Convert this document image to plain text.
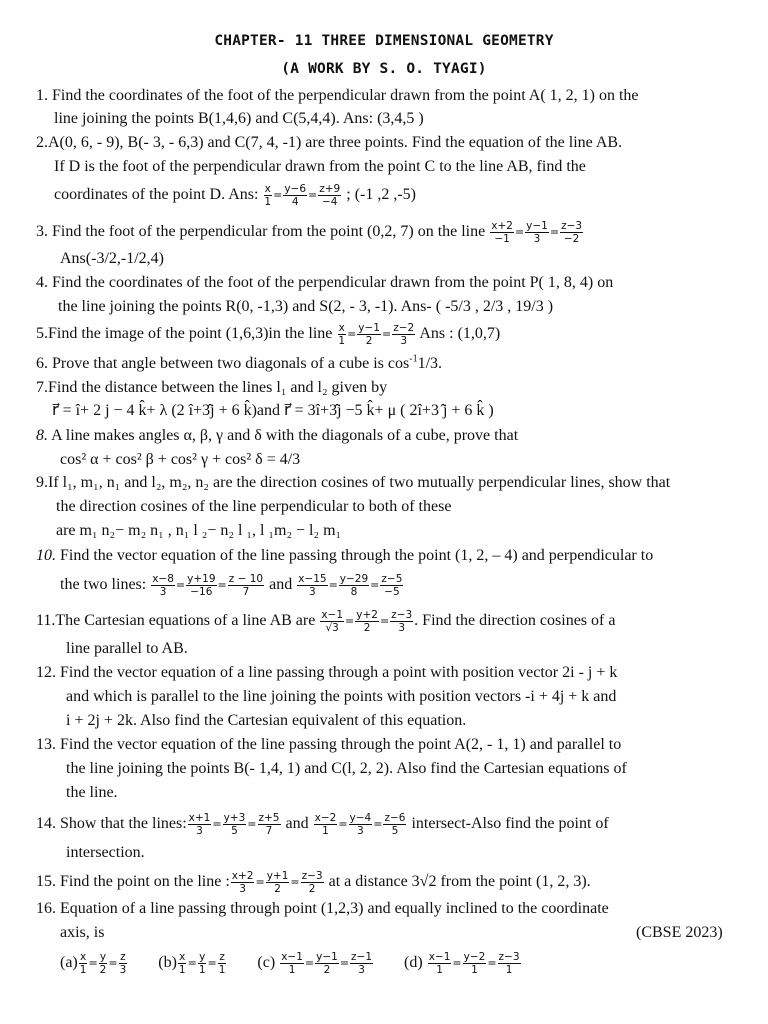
CHAPTER- 11 THREE DIMENSIONAL GEOMETRY
(A WORK BY S. O. TYAGI)
1. Find the coordinates of the foot of the perpendicular drawn from the point A( 1, 2, 1) on the
line joining the points B(1,4,6) and C(5,4,4). Ans: (3,4,5 )
2.A(0, 6, - 9), B(- 3, - 6,3) and C(7, 4, -1) are three points. Find the equation of the line AB.
If D is the foot of the perpendicular drawn from the point C to the line AB, find the
coordinates of the point D. Ans: $\frac{x}{1} = \frac{y-6}{4} = \frac{z+9}{-4}$ ; (-1 ,2 ,-5)
3. Find the foot of the perpendicular from the point (0,2, 7) on the line $\frac{x+2}{-1} = \frac{y-1}{3} = \frac{z-3}{-2}$
Ans(-3/2,-1/2,4)
4. Find the coordinates of the foot of the perpendicular drawn from the point P( 1, 8, 4) on
the line joining the points R(0, -1,3) and S(2, - 3, -1). Ans- ( -5/3 , 2/3 , 19/3 )
5.Find the image of the point (1,6,3)in the line $\frac{x}{1} = \frac{y-1}{2} = \frac{z-2}{3}$ Ans : (1,0,7)
6. Prove that angle between two diagonals of a cube is $\cos^{-1}1/3$.
7.Find the distance between the lines l₁ and l₂ given by
r⃗ = î+ 2 j − 4 k̂+ λ (2 î+3̂j + 6 k̂)and r⃗ = 3î+3̂j −5 k̂+ μ ( 2î+3 ̂j + 6 k̂ )
8. A line makes angles α, β, γ and δ with the diagonals of a cube, prove that
cos² α + cos² β + cos² γ + cos² δ = 4/3
9.If l₁, m₁, n₁ and l₂, m₂, n₂ are the direction cosines of two mutually perpendicular lines, show that
the direction cosines of the line perpendicular to both of these
are m₁ n₂− m₂ n₁ , n₁ l ₂− n₂ l ₁, l ₁m₂ − l₂ m₁
10. Find the vector equation of the line passing through the point (1, 2, – 4) and perpendicular to
the two lines: $\frac{x-8}{3} = \frac{y+19}{-16} = \frac{z - 10}{7}$ and $\frac{x-15}{3} = \frac{y-29}{8} = \frac{z-5}{-5}$
11.The Cartesian equations of a line AB are $\frac{x-1}{√3} = \frac{y+2}{2} = \frac{z-3}{3}$ . Find the direction cosines of a
line parallel to AB.
12. Find the vector equation of a line passing through a point with position vector 2i - j + k
and which is parallel to the line joining the points with position vectors -i + 4j + k and
i + 2j + 2k. Also find the Cartesian equivalent of this equation.
13. Find the vector equation of the line passing through the point A(2, - 1, 1) and parallel to
the line joining the points B(- 1,4, 1) and C(l, 2, 2). Also find the Cartesian equations of
the line.
14. Show that the lines: $\frac{x+1}{3} = \frac{y+3}{5} = \frac{z+5}{7}$ and $\frac{x-2}{1} = \frac{y-4}{3} = \frac{z-6}{5}$ intersect-Also find the point of
intersection.
15. Find the point on the line : $\frac{x+2}{3} = \frac{y+1}{2} = \frac{z-3}{2}$ at a distance 3√2 from the point (1, 2, 3).
16. Equation of a line passing through point (1,2,3) and equally inclined to the coordinate
axis, is	(CBSE 2023)
$(a) \frac{x}{1} = \frac{y}{2} = \frac{z}{3} (b) \frac{x}{1} = \frac{y}{1} = \frac{z}{1} (c) \frac{x-1}{1} = \frac{y-1}{2} = \frac{z-1}{3} (d) \frac{x-1}{1} = \frac{y-2}{1} = \frac{z-3}{1}$
